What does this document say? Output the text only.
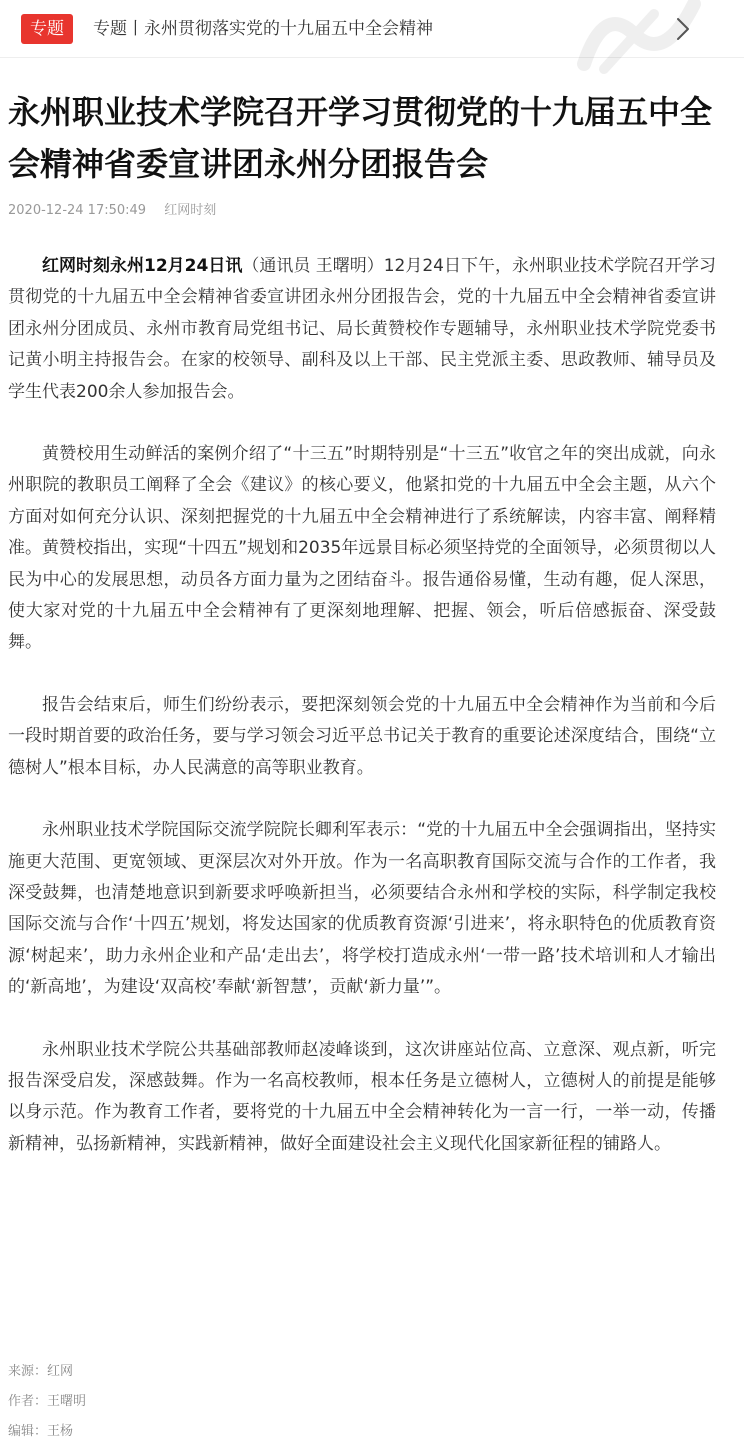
专题	专题丨永州贯彻落实党的十九届五中全会精神
永州职业技术学院召开学习贯彻党的十九届五中全会精神省委宣讲团永州分团报告会
2020-12-24 17:50:49 红网时刻

红网时刻永州12月24日讯（通讯员 王曙明）12月24日下午，永州职业技术学院召开学习贯彻党的十九届五中全会精神省委宣讲团永州分团报告会，党的十九届五中全会精神省委宣讲团永州分团成员、永州市教育局党组书记、局长黄赞校作专题辅导，永州职业技术学院党委书记黄小明主持报告会。在家的校领导、副科及以上干部、民主党派主委、思政教师、辅导员及学生代表200余人参加报告会。

黄赞校用生动鲜活的案例介绍了“十三五”时期特别是“十三五”收官之年的突出成就，向永州职院的教职员工阐释了全会《建议》的核心要义，他紧扣党的十九届五中全会主题，从六个方面对如何充分认识、深刻把握党的十九届五中全会精神进行了系统解读，内容丰富、阐释精准。黄赞校指出，实现“十四五”规划和2035年远景目标必须坚持党的全面领导，必须贯彻以人民为中心的发展思想，动员各方面力量为之团结奋斗。报告通俗易懂，生动有趣，促人深思，使大家对党的十九届五中全会精神有了更深刻地理解、把握、领会，听后倍感振奋、深受鼓舞。

报告会结束后，师生们纷纷表示，要把深刻领会党的十九届五中全会精神作为当前和今后一段时期首要的政治任务，要与学习领会习近平总书记关于教育的重要论述深度结合，围绕“立德树人”根本目标，办人民满意的高等职业教育。

永州职业技术学院国际交流学院院长卿利军表示：“党的十九届五中全会强调指出，坚持实施更大范围、更宽领域、更深层次对外开放。作为一名高职教育国际交流与合作的工作者，我深受鼓舞，也清楚地意识到新要求呼唤新担当，必须要结合永州和学校的实际，科学制定我校国际交流与合作‘十四五’规划，将发达国家的优质教育资源‘引进来’，将永职特色的优质教育资源‘树起来’，助力永州企业和产品‘走出去’，将学校打造成永州‘一带一路’技术培训和人才输出的‘新高地’，为建设‘双高校’奉献‘新智慧’，贡献‘新力量’”。

永州职业技术学院公共基础部教师赵凌峰谈到，这次讲座站位高、立意深、观点新，听完报告深受启发，深感鼓舞。作为一名高校教师，根本任务是立德树人，立德树人的前提是能够以身示范。作为教育工作者，要将党的十九届五中全会精神转化为一言一行，一举一动，传播新精神，弘扬新精神，实践新精神，做好全面建设社会主义现代化国家新征程的铺路人。

来源：红网
作者：王曙明
编辑：王杨
